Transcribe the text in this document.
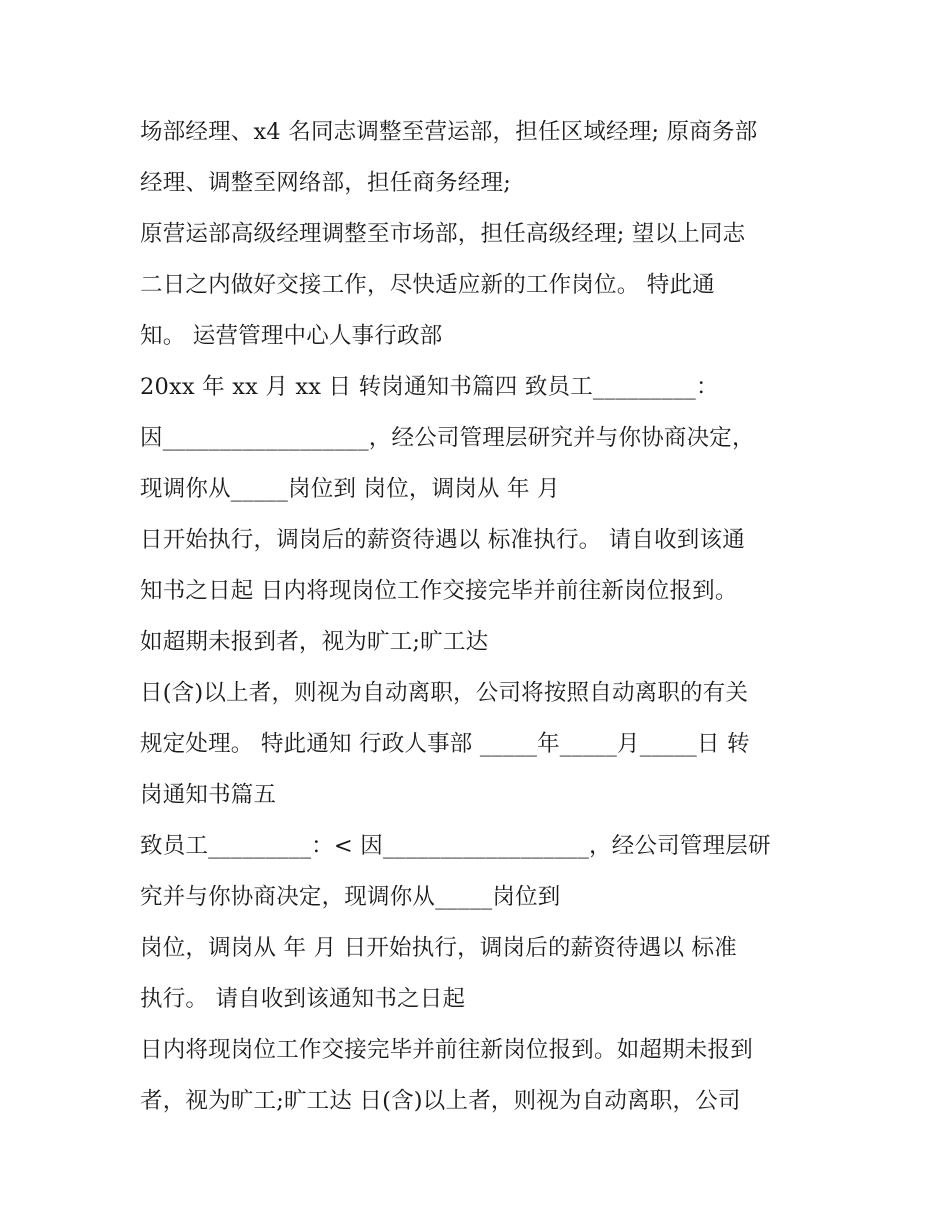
场部经理、x4 名同志调整至营运部，担任区域经理; 原商务部
经理、调整至网络部，担任商务经理;
原营运部高级经理调整至市场部，担任高级经理; 望以上同志
二日之内做好交接工作，尽快适应新的工作岗位。 特此通
知。 运营管理中心人事行政部
20xx 年 xx 月 xx 日 转岗通知书篇四 致员工_________：
因__________________，经公司管理层研究并与你协商决定，
现调你从_____岗位到 岗位，调岗从 年 月
日开始执行，调岗后的薪资待遇以 标准执行。 请自收到该通
知书之日起 日内将现岗位工作交接完毕并前往新岗位报到。
如超期未报到者，视为旷工;旷工达
日(含)以上者，则视为自动离职，公司将按照自动离职的有关
规定处理。 特此通知 行政人事部 _____年_____月_____日 转
岗通知书篇五
致员工_________：< 因__________________，经公司管理层研
究并与你协商决定，现调你从_____岗位到
岗位，调岗从 年 月 日开始执行，调岗后的薪资待遇以 标准
执行。 请自收到该通知书之日起
日内将现岗位工作交接完毕并前往新岗位报到。如超期未报到
者，视为旷工;旷工达 日(含)以上者，则视为自动离职，公司
